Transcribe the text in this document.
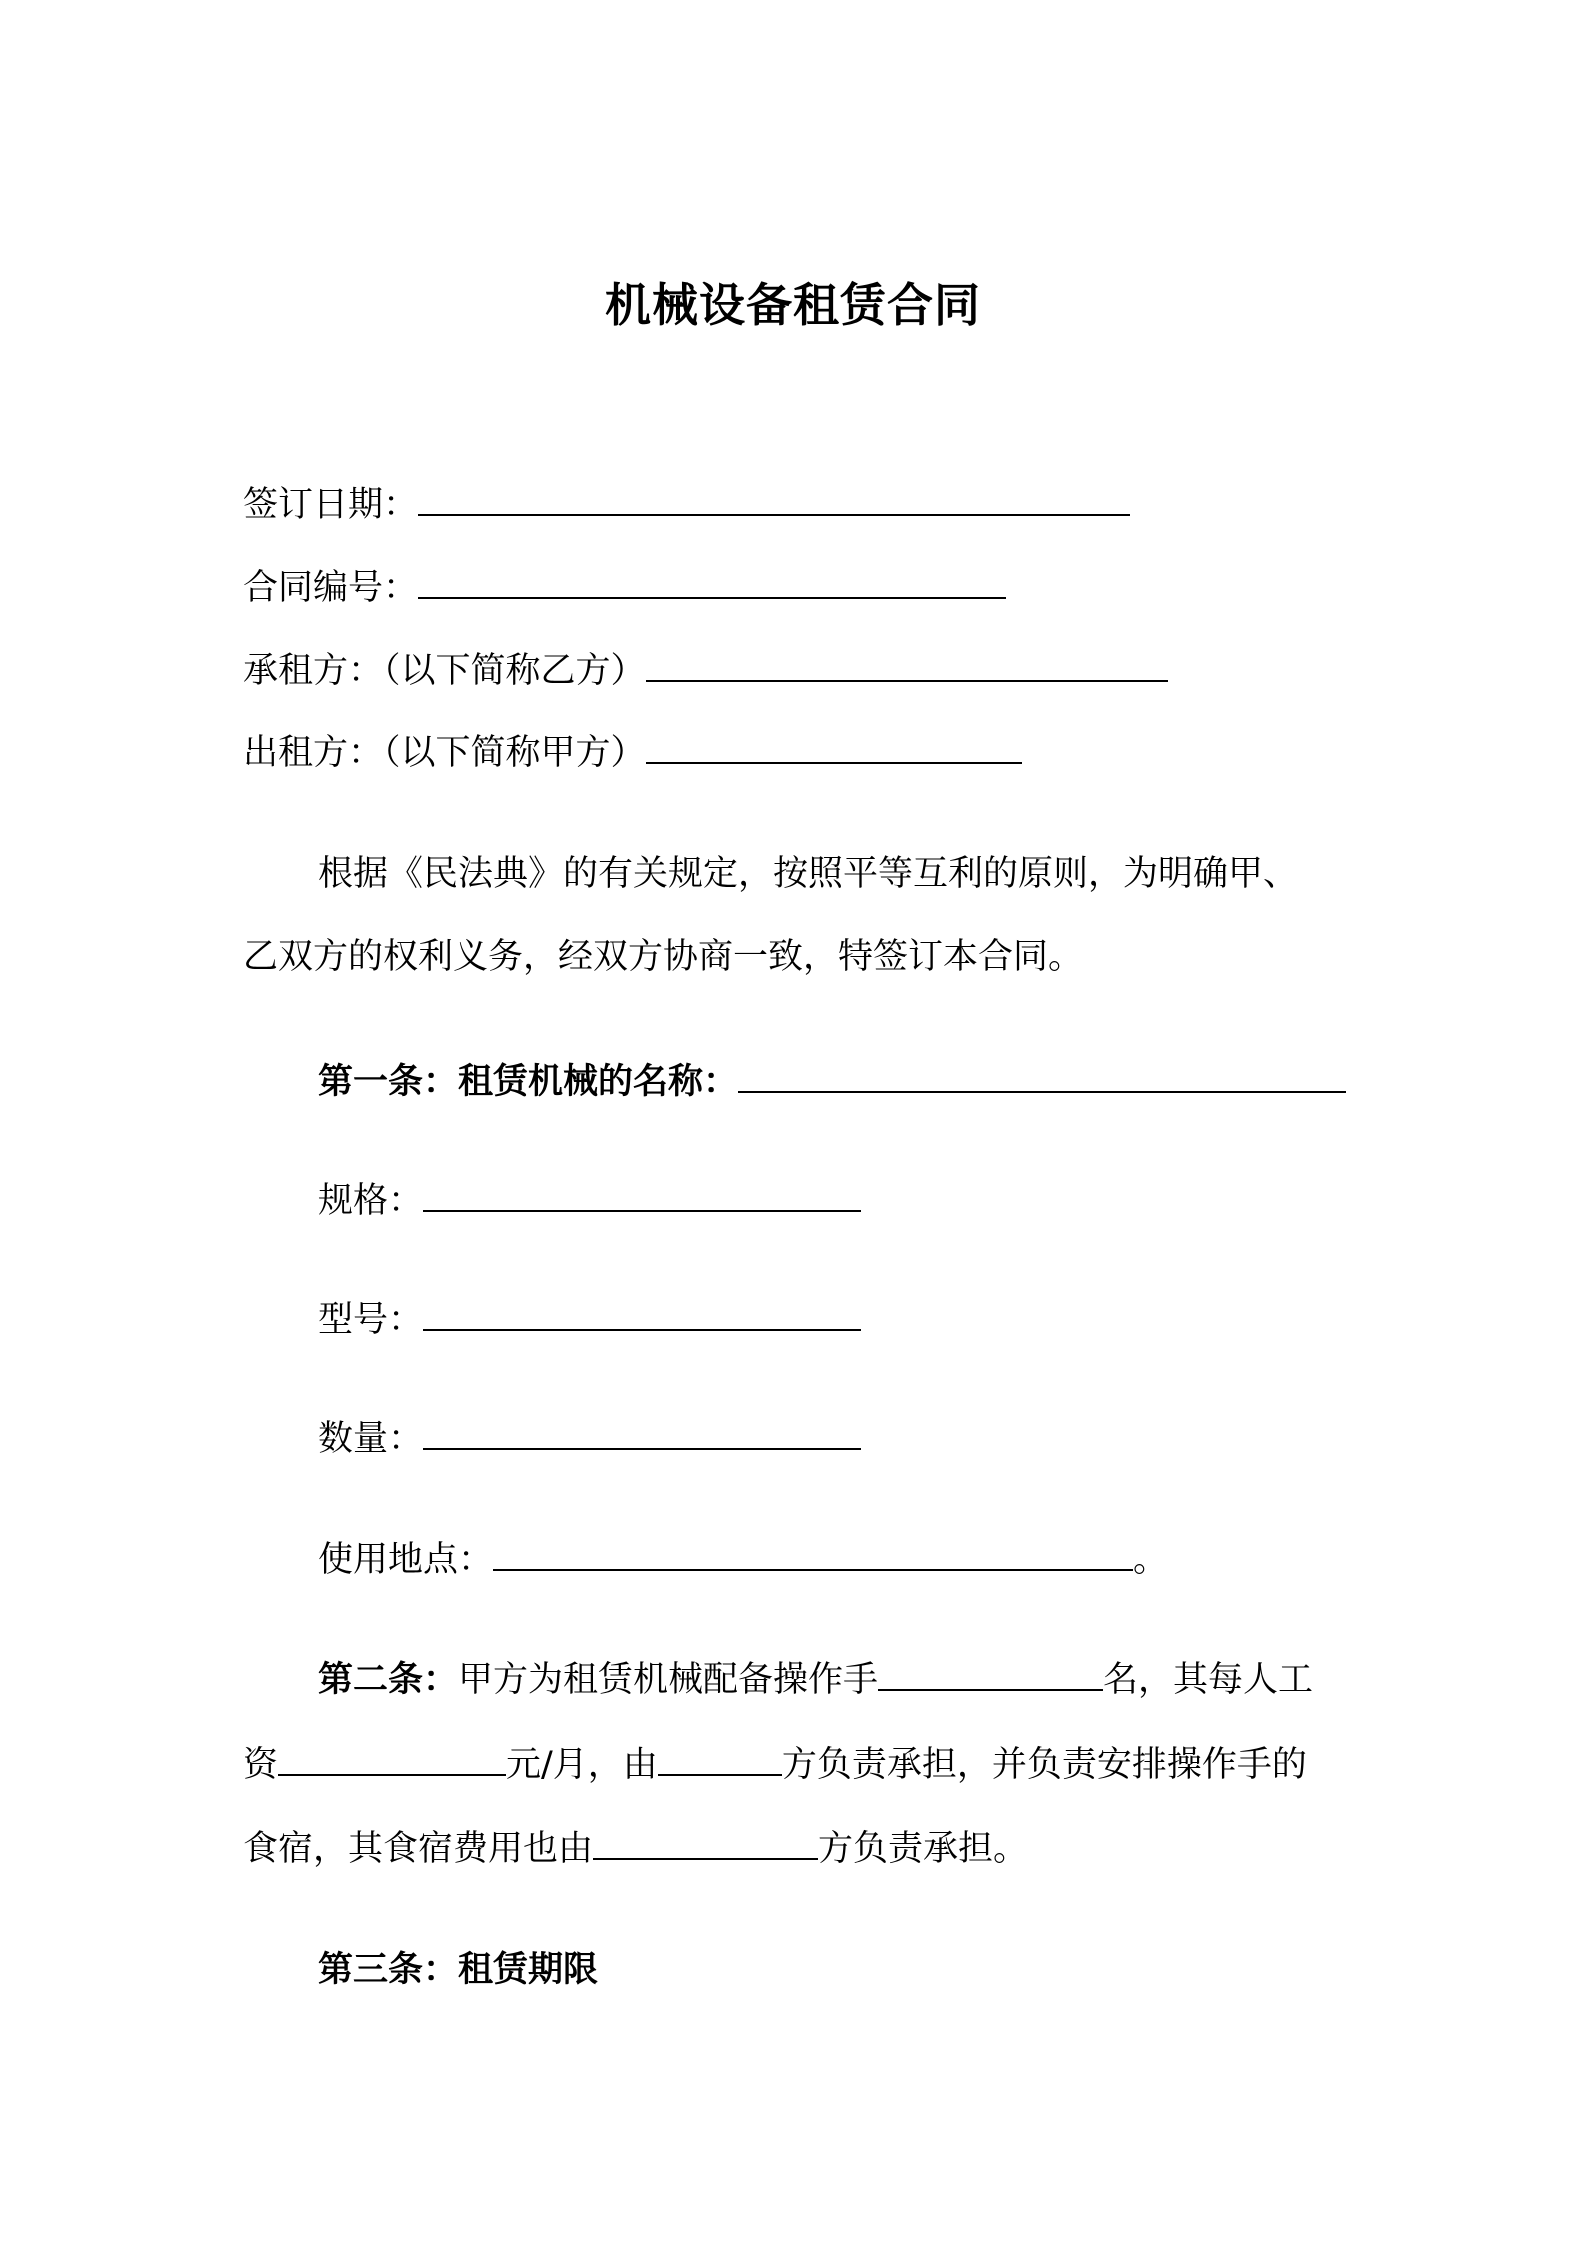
机械设备租赁合同
签订日期：
合同编号：
承租方：（以下简称乙方）
出租方：（以下简称甲方）
根据《民法典》的有关规定，按照平等互利的原则，为明确甲、
乙双方的权利义务，经双方协商一致，特签订本合同。
第一条：租赁机械的名称：
规格：
型号：
数量：
使用地点：	。
第二条：甲方为租赁机械配备操作手	名，其每人工
资	元/月，由	方负责承担，并负责安排操作手的
食宿，其食宿费用也由	方负责承担。
第三条：租赁期限
